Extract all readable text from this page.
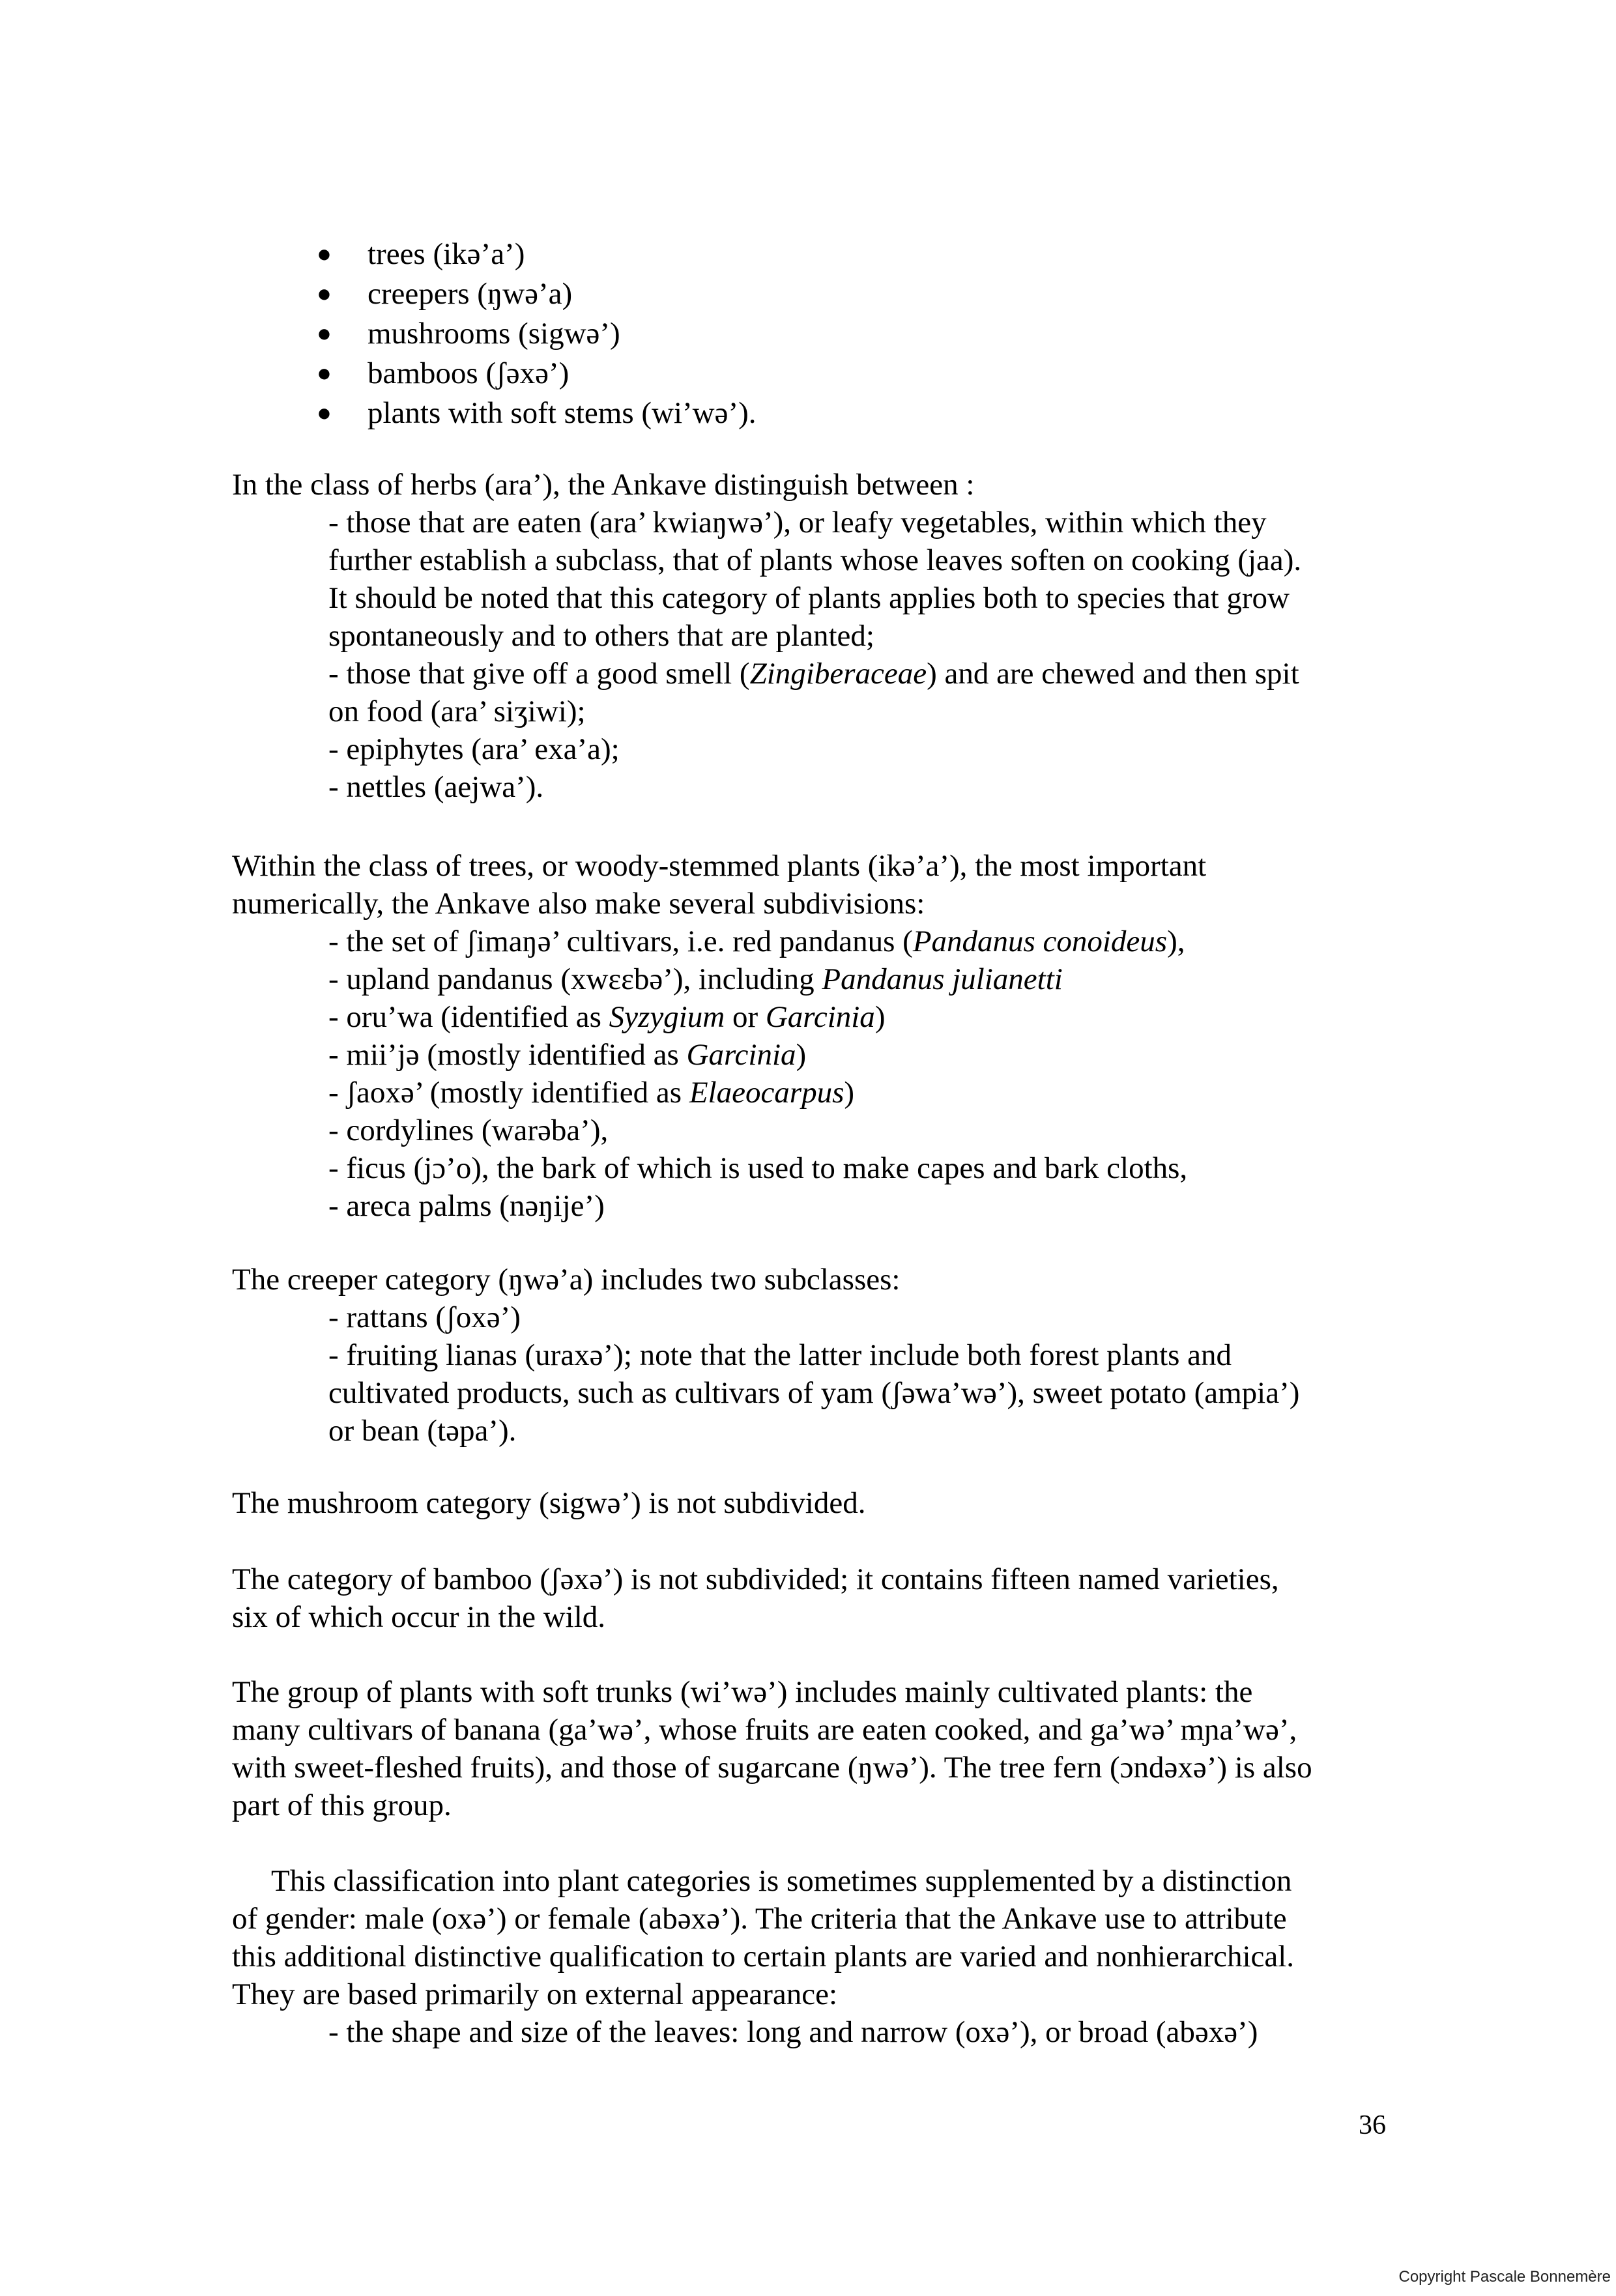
● trees (ikə’a’)
● creepers (ŋwə’a)
● mushrooms (sigwə’)
● bamboos (ʃəxə’)
● plants with soft stems (wi’wə’).

In the class of herbs (ara’), the Ankave distinguish between :

- those that are eaten (ara’ kwiaŋwə’), or leafy vegetables, within which they

further establish a subclass, that of plants whose leaves soften on cooking (jaa).

It should be noted that this category of plants applies both to species that grow

spontaneously and to others that are planted;

- those that give off a good smell (Zingiberaceae) and are chewed and then spit

on food (ara’ siʒiwi);

- epiphytes (ara’ exa’a);

- nettles (aejwa’).

Within the class of trees, or woody-stemmed plants (ikə’a’), the most important

numerically, the Ankave also make several subdivisions:

- the set of ʃimaŋə’ cultivars, i.e. red pandanus (Pandanus conoideus),

- upland pandanus (xwεεbə’), including Pandanus julianetti

- oru’wa (identified as Syzygium or Garcinia)

- mii’jə (mostly identified as Garcinia)

- ʃaoxə’ (mostly identified as Elaeocarpus)

- cordylines (warəba’),

- ficus (jɔ’o), the bark of which is used to make capes and bark cloths,

- areca palms (nəŋije’)

The creeper category (ŋwə’a) includes two subclasses:

- rattans (ʃoxə’)

- fruiting lianas (uraxə’); note that the latter include both forest plants and

cultivated products, such as cultivars of yam (ʃəwa’wə’), sweet potato (ampia’)

or bean (təpa’).

The mushroom category (sigwə’) is not subdivided.

The category of bamboo (ʃəxə’) is not subdivided; it contains fifteen named varieties,

six of which occur in the wild.

The group of plants with soft trunks (wi’wə’) includes mainly cultivated plants: the

many cultivars of banana (ga’wə’, whose fruits are eaten cooked, and ga’wə’ mɲa’wə’,

with sweet-fleshed fruits), and those of sugarcane (ŋwə’). The tree fern (ɔndəxə’) is also

part of this group.

This classification into plant categories is sometimes supplemented by a distinction

of gender: male (oxə’) or female (abəxə’). The criteria that the Ankave use to attribute

this additional distinctive qualification to certain plants are varied and nonhierarchical.

They are based primarily on external appearance:

- the shape and size of the leaves: long and narrow (oxə’), or broad (abəxə’)

36
Copyright Pascale Bonnemère
